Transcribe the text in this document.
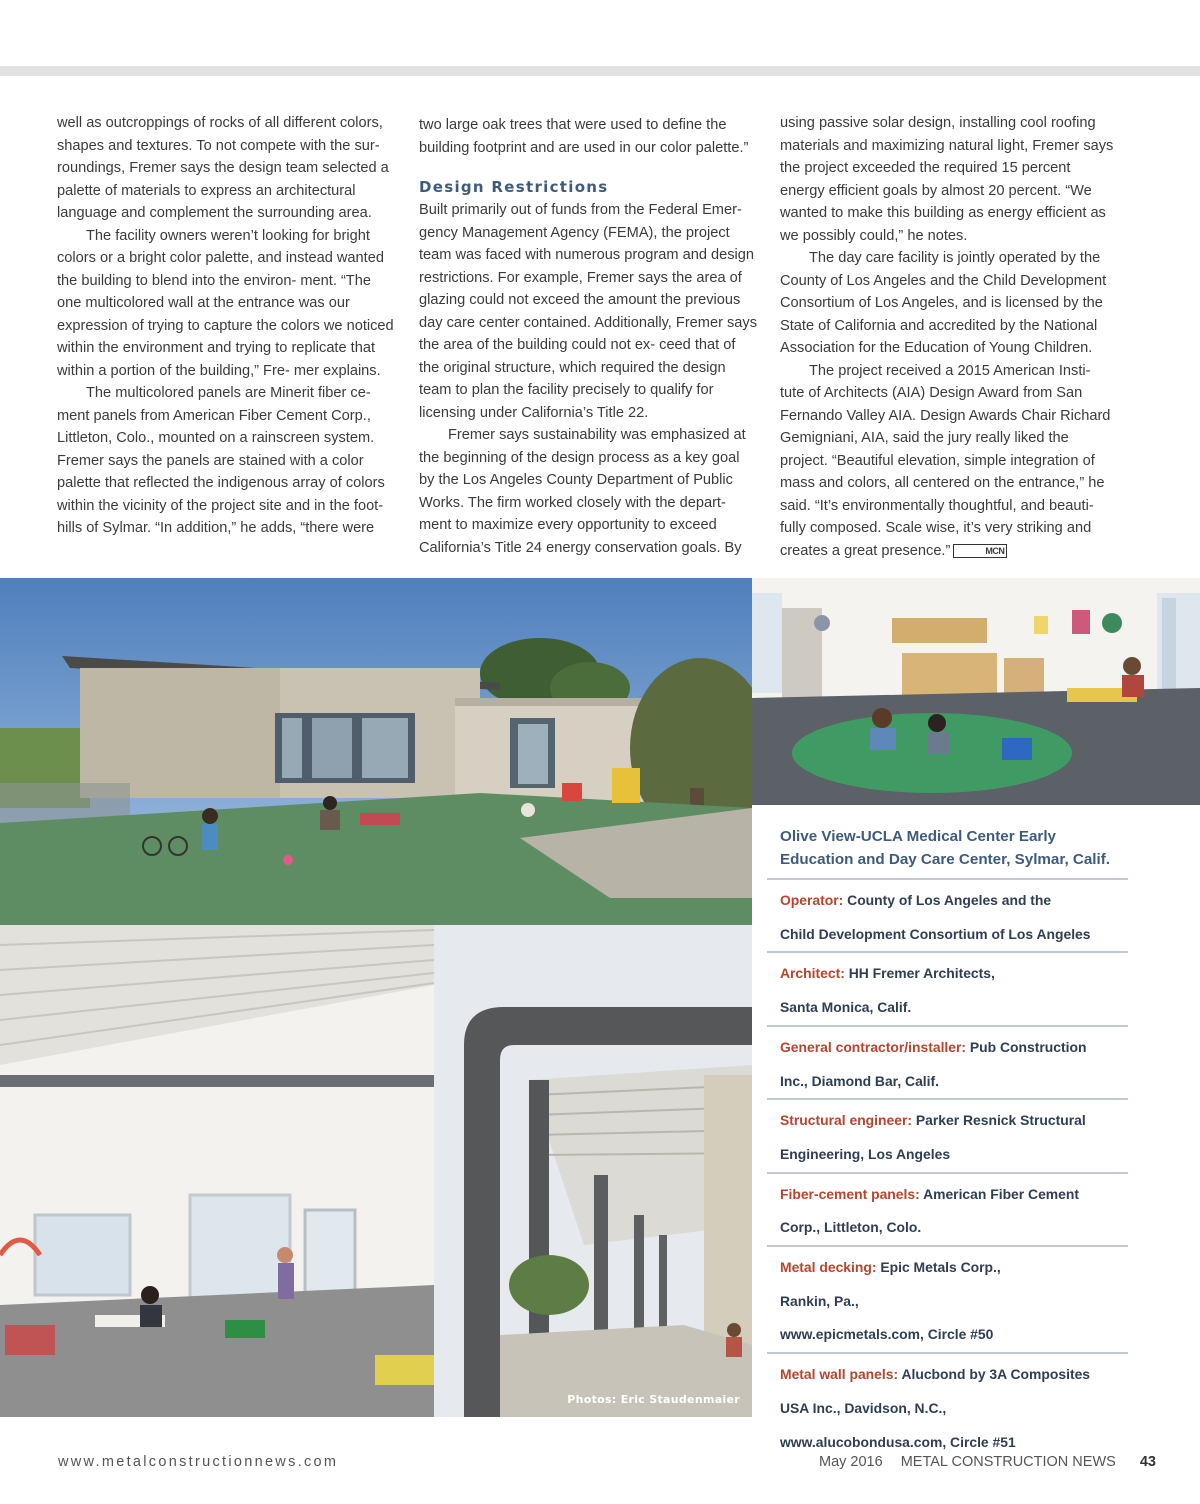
well as outcroppings of rocks of all different colors, shapes and textures. To not compete with the sur- roundings, Fremer says the design team selected a palette of materials to express an architectural language and complement the surrounding area.

The facility owners weren’t looking for bright colors or a bright color palette, and instead wanted the building to blend into the environ- ment. “The one multicolored wall at the entrance was our expression of trying to capture the colors we noticed within the environment and trying to replicate that within a portion of the building,” Fre- mer explains.

The multicolored panels are Minerit fiber ce- ment panels from American Fiber Cement Corp., Littleton, Colo., mounted on a rainscreen system. Fremer says the panels are stained with a color palette that reflected the indigenous array of colors within the vicinity of the project site and in the foot- hills of Sylmar. “In addition,” he adds, “there were

two large oak trees that were used to define the building footprint and are used in our color palette.”

Design Restrictions

Built primarily out of funds from the Federal Emer- gency Management Agency (FEMA), the project team was faced with numerous program and design restrictions. For example, Fremer says the area of glazing could not exceed the amount the previous day care center contained. Additionally, Fremer says the area of the building could not ex- ceed that of the original structure, which required the design team to plan the facility precisely to qualify for licensing under California’s Title 22.

Fremer says sustainability was emphasized at the beginning of the design process as a key goal by the Los Angeles County Department of Public Works. The firm worked closely with the depart- ment to maximize every opportunity to exceed California’s Title 24 energy conservation goals. By

using passive solar design, installing cool roofing materials and maximizing natural light, Fremer says the project exceeded the required 15 percent energy efficient goals by almost 20 percent. “We wanted to make this building as energy efficient as we possibly could,” he notes.

The day care facility is jointly operated by the County of Los Angeles and the Child Development Consortium of Los Angeles, and is licensed by the State of California and accredited by the National Association for the Education of Young Children.

The project received a 2015 American Insti- tute of Architects (AIA) Design Award from San Fernando Valley AIA. Design Awards Chair Richard Gemigniani, AIA, said the jury really liked the project. “Beautiful elevation, simple integration of mass and colors, all centered on the entrance,” he said. “It’s environmentally thoughtful, and beauti- fully composed. Scale wise, it’s very striking and creates a great presence.”	MCN

Photos: Eric Staudenmaier
Olive View-UCLA Medical Center Early
Education and Day Care Center, Sylmar, Calif.
Operator: County of Los Angeles and the
Child Development Consortium of Los Angeles
Architect: HH Fremer Architects,
Santa Monica, Calif.
General contractor/installer: Pub Construction
Inc., Diamond Bar, Calif.
Structural engineer: Parker Resnick Structural
Engineering, Los Angeles
Fiber-cement panels: American Fiber Cement
Corp., Littleton, Colo.
Metal decking: Epic Metals Corp.,
Rankin, Pa.,
www.epicmetals.com, Circle #50
Metal wall panels: Alucbond by 3A Composites
USA Inc., Davidson, N.C.,
www.alucobondusa.com, Circle #51
www.metalconstructionnews.com	May 2016 METAL CONSTRUCTION NEWS 43
